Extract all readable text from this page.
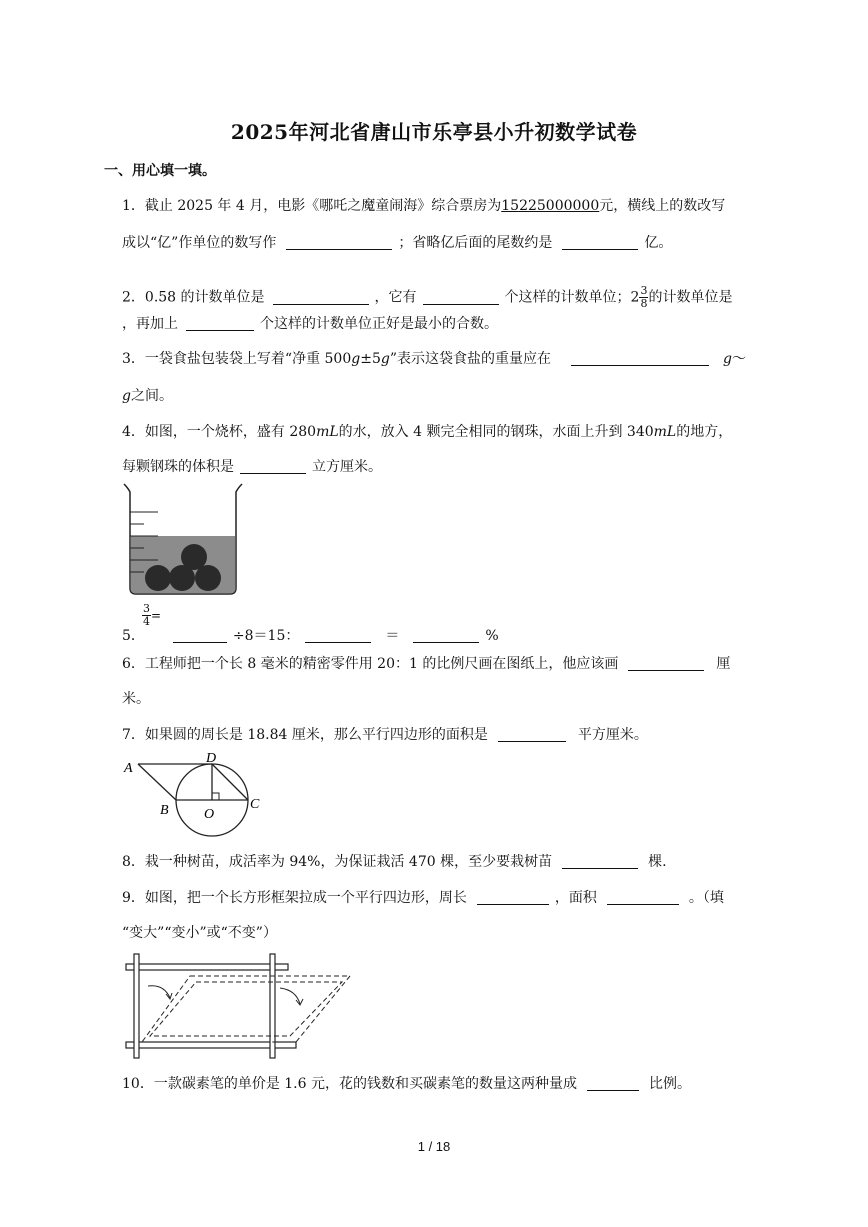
2025年河北省唐山市乐亭县小升初数学试卷
一、用心填一填。
1．截止 2025 年 4 月，电影《哪吒之魔童闹海》综合票房为15225000000元，横线上的数改写
成以“亿”作单位的数写作	；省略亿后面的尾数约是	亿。
2．0.58 的计数单位是	，它有	个这样的计数单位；$2 \frac{3}{8}$ 的计数单位是
，再加上	个这样的计数单位正好是最小的合数。
3．一袋食盐包装袋上写着“净重 500g±5g”表示这袋食盐的重量应在	g～
g之间。
4．如图，一个烧杯，盛有 280mL的水，放入 4 颗完全相同的钢珠，水面上升到 340mL的地方，
每颗钢珠的体积是	立方厘米。
$\frac{3}{4}$ =
5．	÷8＝15：	＝	%
6．工程师把一个长 8 毫米的精密零件用 20：1 的比例尺画在图纸上，他应该画	厘
米。
7．如果圆的周长是 18.84 厘米，那么平行四边形的面积是	平方厘米。
A
D
B	O
C
8．栽一种树苗，成活率为 94%，为保证栽活 470 棵，至少要栽树苗	棵.
9．如图，把一个长方形框架拉成一个平行四边形，周长	，面积	。（填
“变大”“变小”或“不变”）
10．一款碳素笔的单价是 1.6 元，花的钱数和买碳素笔的数量这两种量成	比例。
1 / 18
